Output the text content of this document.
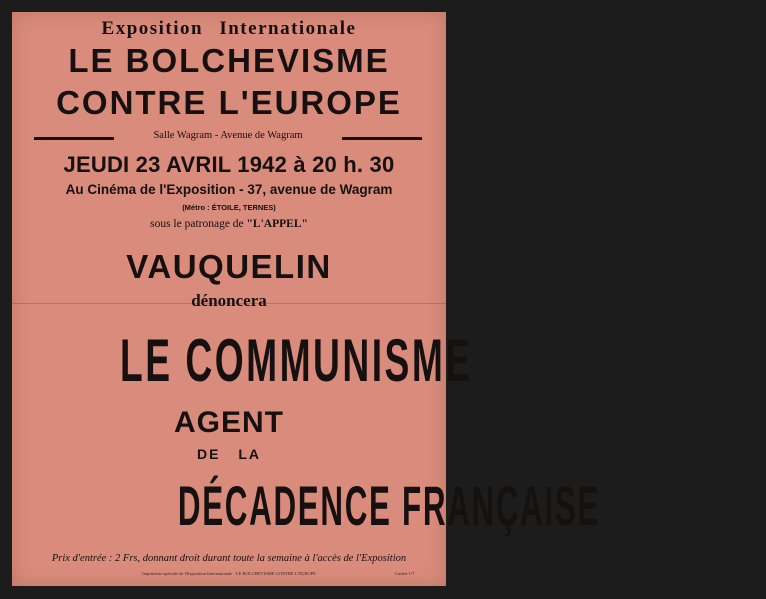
Exposition Internationale
LE BOLCHEVISME
CONTRE L'EUROPE
Salle Wagram - Avenue de Wagram
JEUDI 23 AVRIL 1942 à 20 h. 30
Au Cinéma de l'Exposition - 37, avenue de Wagram
(Métro : ÉTOILE, TERNES)
sous le patronage de "L'APPEL"
VAUQUELIN
dénoncera
LE COMMUNISME
AGENT
DE LA
DÉCADENCE FRANÇAISE
Prix d'entrée : 2 Frs, donnant droit durant toute la semaine à l'accès de l'Exposition
Imprimerie spéciale de l'Exposition Internationale · LE BOLCHEVISME CONTRE L'EUROPE	Cachet 1/7
